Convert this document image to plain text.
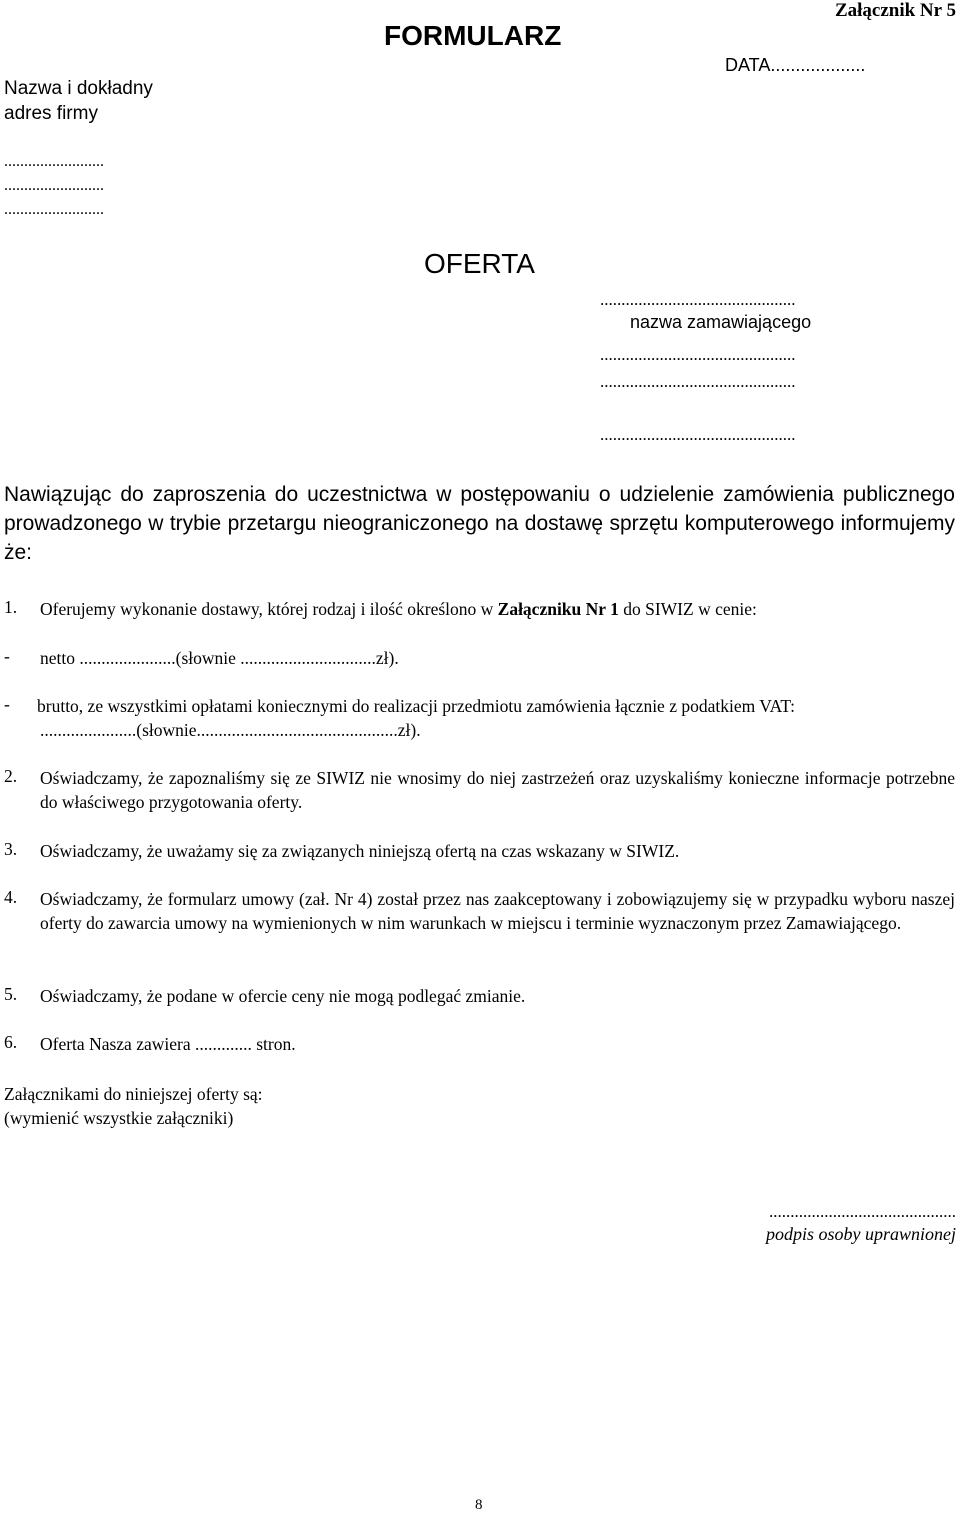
Załącznik Nr 5
FORMULARZ
DATA...................
Nazwa i dokładny
adres firmy
.........................
.........................
.........................
OFERTA
..............................................
nazwa zamawiającego
..............................................
..............................................
..............................................
Nawiązując do zaproszenia do uczestnictwa w postępowaniu o udzielenie zamówienia publicznego prowadzonego w trybie przetargu nieograniczonego na dostawę sprzętu komputerowego informujemy że:
1. Oferujemy wykonanie dostawy, której rodzaj i ilość określono w Załączniku Nr 1 do SIWIZ w cenie:
- netto ......................(słownie ...............................zł).
- brutto, ze wszystkimi opłatami koniecznymi do realizacji przedmiotu zamówienia łącznie z podatkiem VAT:
......................(słownie..............................................zł).
2. Oświadczamy, że zapoznaliśmy się ze SIWIZ nie wnosimy do niej zastrzeżeń oraz uzyskaliśmy konieczne informacje potrzebne do właściwego przygotowania oferty.
3. Oświadczamy, że uważamy się za związanych niniejszą ofertą na czas wskazany w SIWIZ.
4. Oświadczamy, że formularz umowy (zał. Nr 4) został przez nas zaakceptowany i zobowiązujemy się w przypadku wyboru naszej oferty do zawarcia umowy na wymienionych w nim warunkach w miejscu i terminie wyznaczonym przez Zamawiającego.
5. Oświadczamy, że podane w ofercie ceny nie mogą podlegać zmianie.
6. Oferta Nasza zawiera ............. stron.
Załącznikami do niniejszej oferty są:
(wymienić wszystkie załączniki)
............................................
podpis osoby uprawnionej
8
